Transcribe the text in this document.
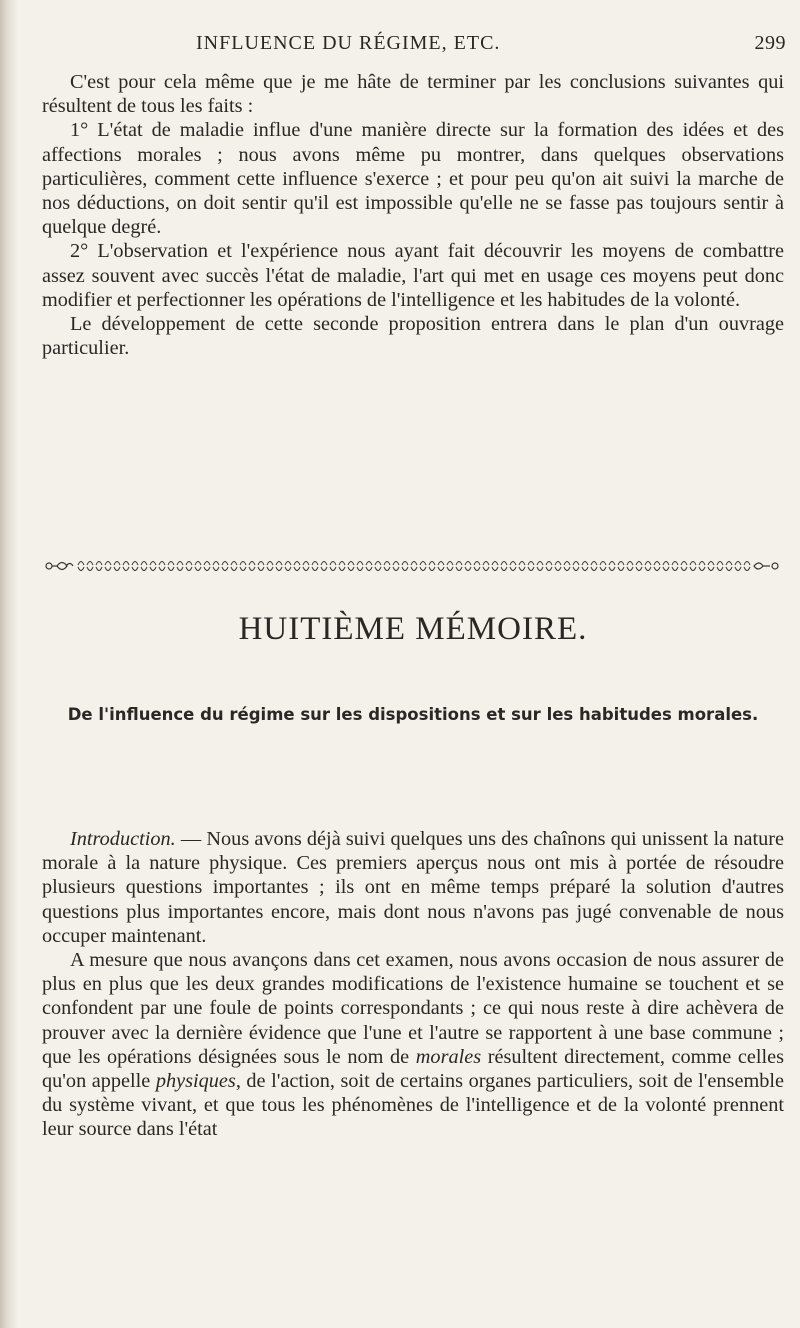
INFLUENCE DU RÉGIME, ETC.	299

C'est pour cela même que je me hâte de terminer par les conclusions suivantes qui résultent de tous les faits :

1° L'état de maladie influe d'une manière directe sur la formation des idées et des affections morales ; nous avons même pu montrer, dans quelques observations particulières, comment cette influence s'exerce ; et pour peu qu'on ait suivi la marche de nos déductions, on doit sentir qu'il est impossible qu'elle ne se fasse pas toujours sentir à quelque degré.

2° L'observation et l'expérience nous ayant fait découvrir les moyens de combattre assez souvent avec succès l'état de maladie, l'art qui met en usage ces moyens peut donc modifier et perfectionner les opérations de l'intelligence et les habitudes de la volonté.

Le développement de cette seconde proposition entrera dans le plan d'un ouvrage particulier.

HUITIÈME MÉMOIRE.
De l'influence du régime sur les dispositions et sur les habitudes morales.

Introduction. — Nous avons déjà suivi quelques uns des chaînons qui unissent la nature morale à la nature physique. Ces premiers aperçus nous ont mis à portée de résoudre plusieurs questions importantes ; ils ont en même temps préparé la solution d'autres questions plus importantes encore, mais dont nous n'avons pas jugé convenable de nous occuper maintenant.

A mesure que nous avançons dans cet examen, nous avons occasion de nous assurer de plus en plus que les deux grandes modifications de l'existence humaine se touchent et se confondent par une foule de points correspondants ; ce qui nous reste à dire achèvera de prouver avec la dernière évidence que l'une et l'autre se rapportent à une base commune ; que les opérations désignées sous le nom de morales résultent directement, comme celles qu'on appelle physiques, de l'action, soit de certains organes particuliers, soit de l'ensemble du système vivant, et que tous les phénomènes de l'intelligence et de la volonté prennent leur source dans l'état
